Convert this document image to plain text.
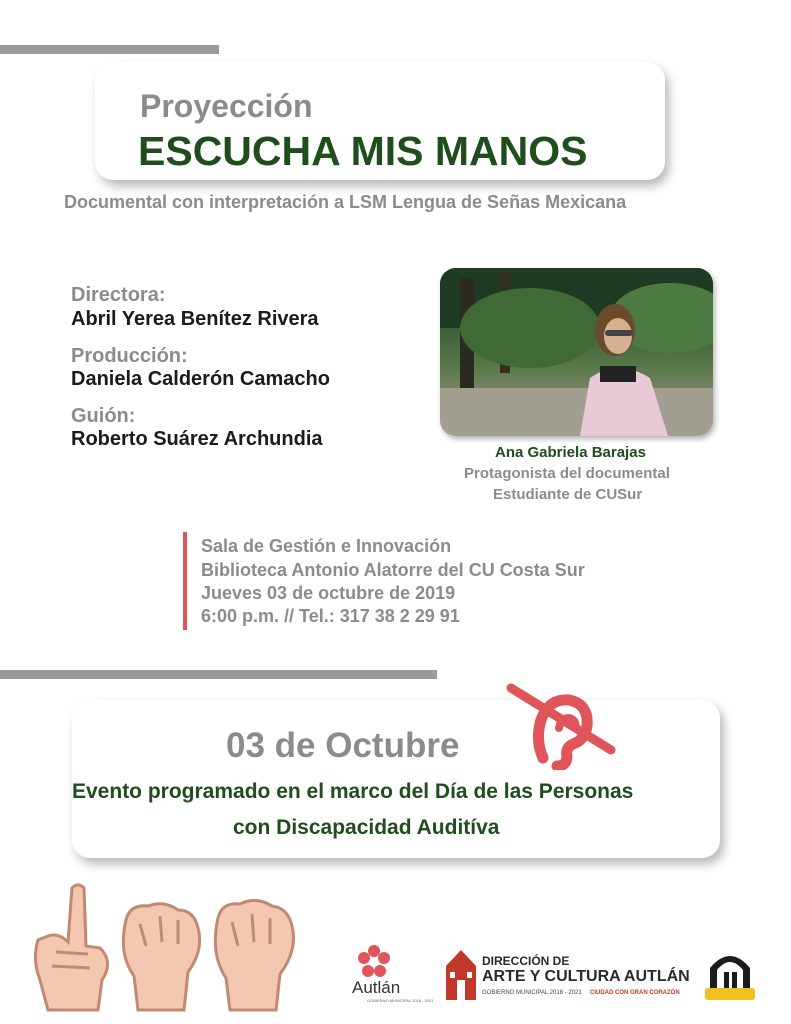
Proyección
ESCUCHA MIS MANOS
Documental con interpretación a LSM Lengua de Señas Mexicana
Directora:
Abril Yerea Benítez Rivera
Producción:
Daniela Calderón Camacho
Guión:
Roberto Suárez Archundia
Ana Gabriela Barajas
Protagonista del documental
Estudiante de CUSur
Sala de Gestión e Innovación
Biblioteca Antonio Alatorre del CU Costa Sur
Jueves 03 de octubre de 2019
6:00 p.m. // Tel.: 317 38 2 29 91
03 de Octubre
Evento programado en el marco del Día de las Personas
con Discapacidad Auditíva
Autlán
GOBIERNO MUNICIPAL 2018 - 2021
DIRECCIÓN DE
ARTE Y CULTURA AUTLÁN
GOBIERNO MUNICIPAL 2018 - 2021 CIUDAD CON GRAN CORAZÓN
